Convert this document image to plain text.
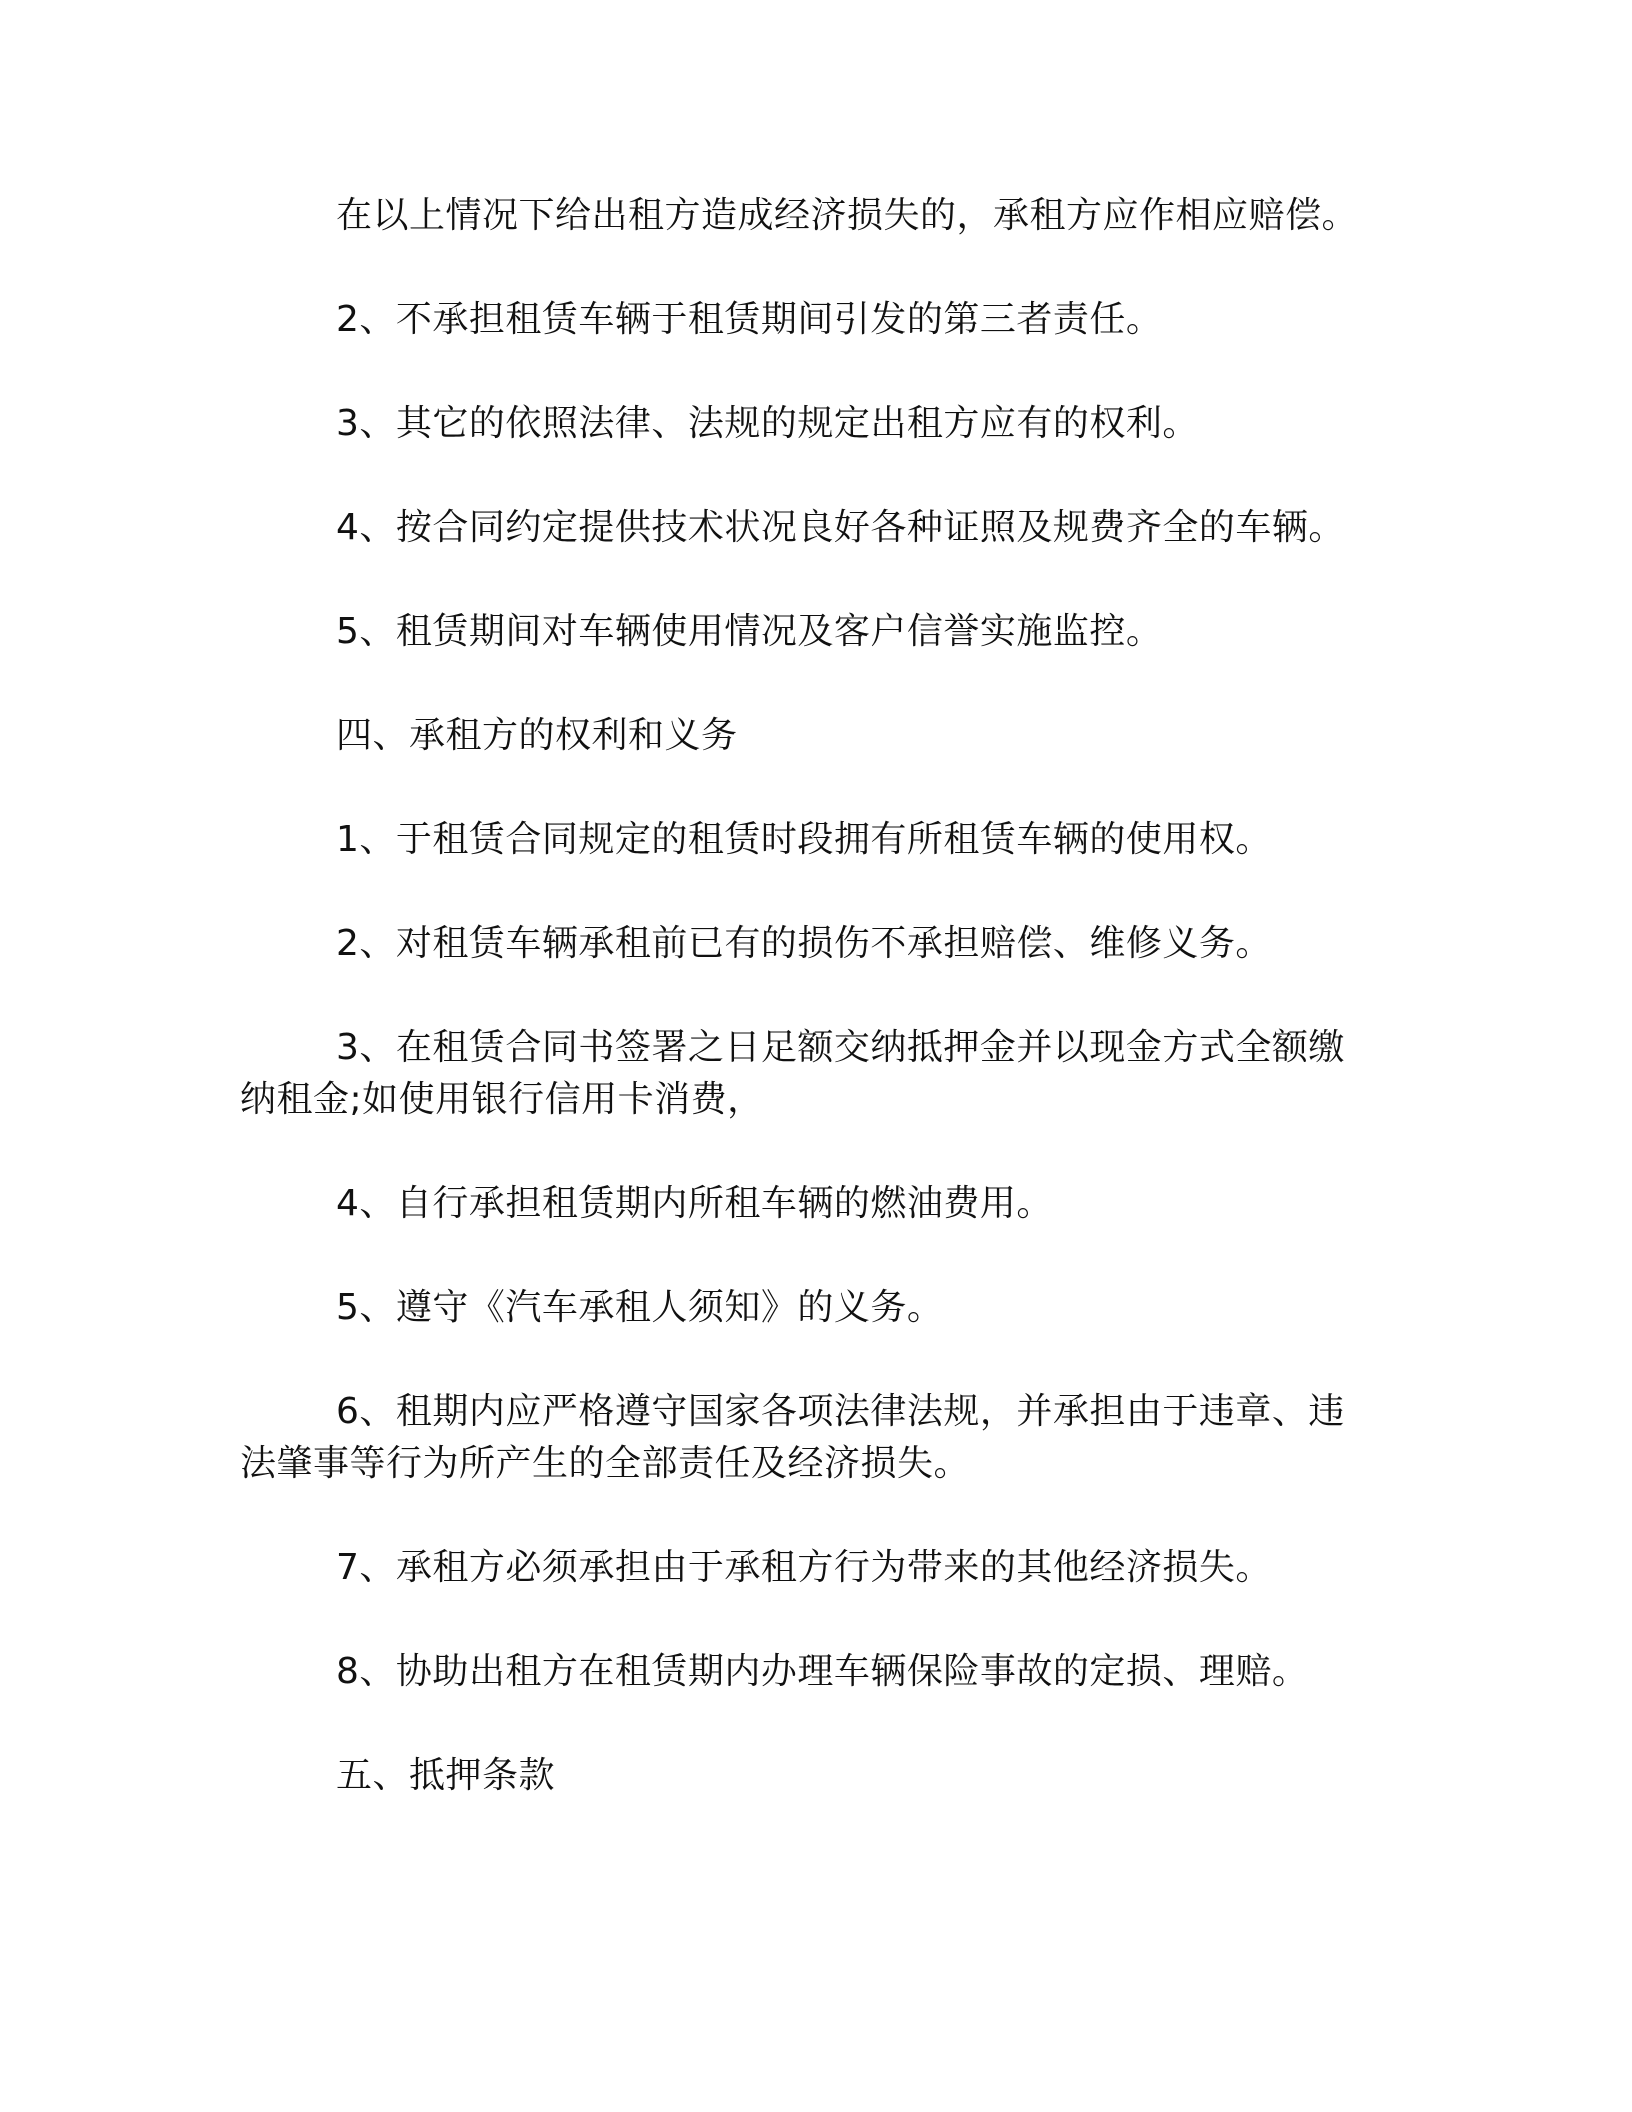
在以上情况下给出租方造成经济损失的，承租方应作相应赔偿。

2、不承担租赁车辆于租赁期间引发的第三者责任。

3、其它的依照法律、法规的规定出租方应有的权利。

4、按合同约定提供技术状况良好各种证照及规费齐全的车辆。

5、租赁期间对车辆使用情况及客户信誉实施监控。

四、承租方的权利和义务

1、于租赁合同规定的租赁时段拥有所租赁车辆的使用权。

2、对租赁车辆承租前已有的损伤不承担赔偿、维修义务。

3、在租赁合同书签署之日足额交纳抵押金并以现金方式全额缴纳租金;如使用银行信用卡消费，

4、自行承担租赁期内所租车辆的燃油费用。

5、遵守《汽车承租人须知》的义务。

6、租期内应严格遵守国家各项法律法规，并承担由于违章、违法肇事等行为所产生的全部责任及经济损失。

7、承租方必须承担由于承租方行为带来的其他经济损失。

8、协助出租方在租赁期内办理车辆保险事故的定损、理赔。

五、抵押条款
